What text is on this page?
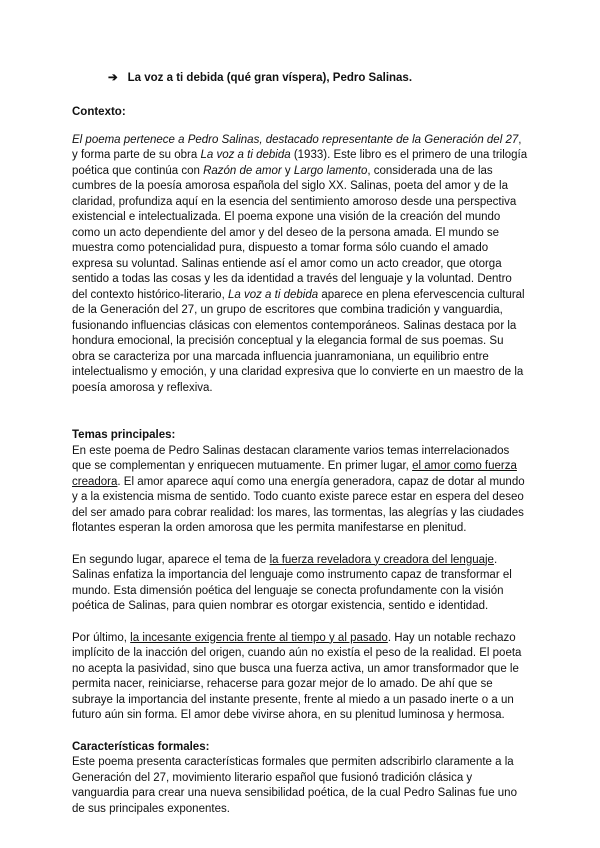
➔ La voz a ti debida (qué gran víspera), Pedro Salinas.
Contexto:

El poema pertenece a Pedro Salinas, destacado representante de la Generación del 27, y forma parte de su obra La voz a ti debida (1933). Este libro es el primero de una trilogía poética que continúa con Razón de amor y Largo lamento, considerada una de las cumbres de la poesía amorosa española del siglo XX. Salinas, poeta del amor y de la claridad, profundiza aquí en la esencia del sentimiento amoroso desde una perspectiva existencial e intelectualizada. El poema expone una visión de la creación del mundo como un acto dependiente del amor y del deseo de la persona amada. El mundo se muestra como potencialidad pura, dispuesto a tomar forma sólo cuando el amado expresa su voluntad. Salinas entiende así el amor como un acto creador, que otorga sentido a todas las cosas y les da identidad a través del lenguaje y la voluntad. Dentro del contexto histórico-literario, La voz a ti debida aparece en plena efervescencia cultural de la Generación del 27, un grupo de escritores que combina tradición y vanguardia, fusionando influencias clásicas con elementos contemporáneos. Salinas destaca por la hondura emocional, la precisión conceptual y la elegancia formal de sus poemas. Su obra se caracteriza por una marcada influencia juanramoniana, un equilibrio entre intelectualismo y emoción, y una claridad expresiva que lo convierte en un maestro de la poesía amorosa y reflexiva.

Temas principales:

En este poema de Pedro Salinas destacan claramente varios temas interrelacionados que se complementan y enriquecen mutuamente. En primer lugar, el amor como fuerza creadora. El amor aparece aquí como una energía generadora, capaz de dotar al mundo y a la existencia misma de sentido. Todo cuanto existe parece estar en espera del deseo del ser amado para cobrar realidad: los mares, las tormentas, las alegrías y las ciudades flotantes esperan la orden amorosa que les permita manifestarse en plenitud.

En segundo lugar, aparece el tema de la fuerza reveladora y creadora del lenguaje. Salinas enfatiza la importancia del lenguaje como instrumento capaz de transformar el mundo. Esta dimensión poética del lenguaje se conecta profundamente con la visión poética de Salinas, para quien nombrar es otorgar existencia, sentido e identidad.

Por último, la incesante exigencia frente al tiempo y al pasado. Hay un notable rechazo implícito de la inacción del origen, cuando aún no existía el peso de la realidad. El poeta no acepta la pasividad, sino que busca una fuerza activa, un amor transformador que le permita nacer, reiniciarse, rehacerse para gozar mejor de lo amado. De ahí que se subraye la importancia del instante presente, frente al miedo a un pasado inerte o a un futuro aún sin forma. El amor debe vivirse ahora, en su plenitud luminosa y hermosa.

Características formales:

Este poema presenta características formales que permiten adscribirlo claramente a la Generación del 27, movimiento literario español que fusionó tradición clásica y vanguardia para crear una nueva sensibilidad poética, de la cual Pedro Salinas fue uno de sus principales exponentes.
